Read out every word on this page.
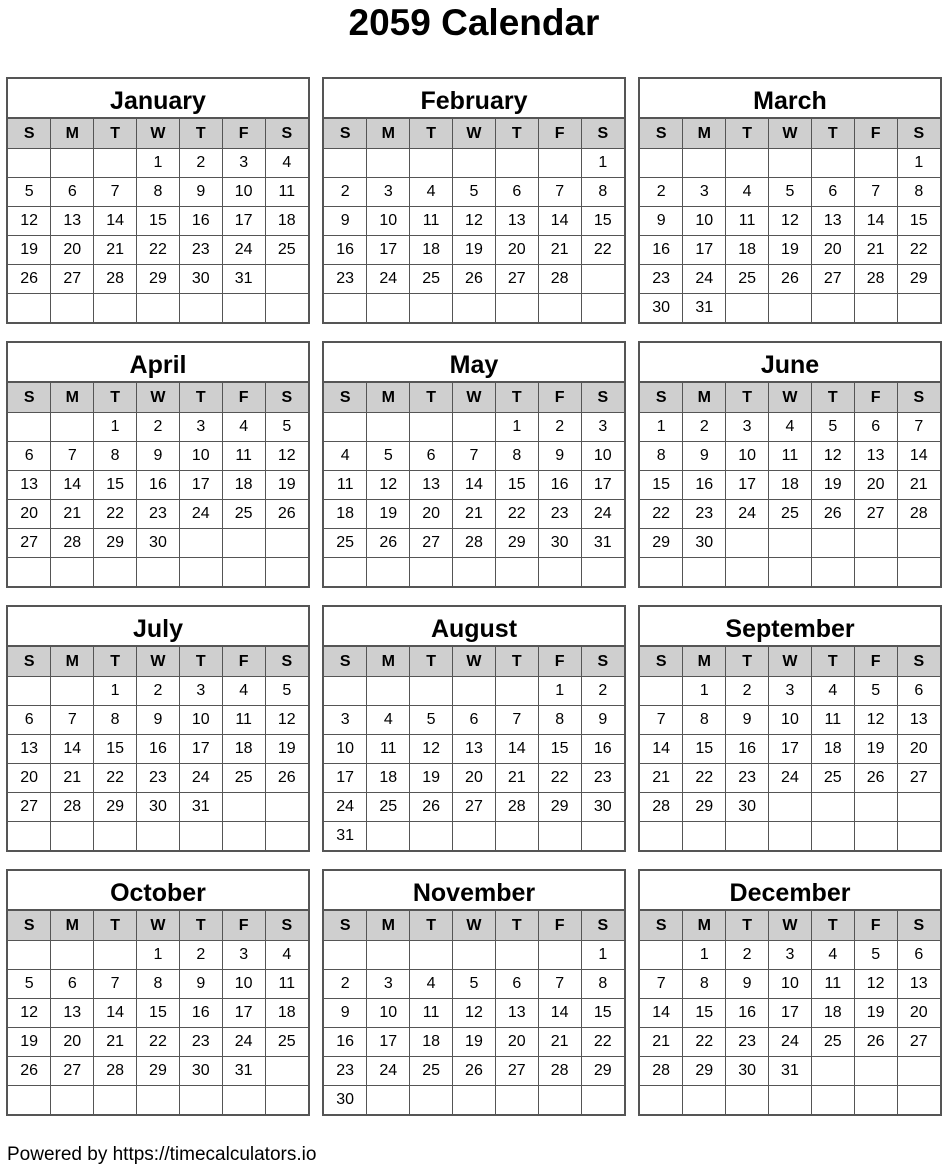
2059 Calendar
January
S	M	T	W	T	F	S
			1	2	3	4
5	6	7	8	9	10	11
12	13	14	15	16	17	18
19	20	21	22	23	24	25
26	27	28	29	30	31	

February
S	M	T	W	T	F	S
						1
2	3	4	5	6	7	8
9	10	11	12	13	14	15
16	17	18	19	20	21	22
23	24	25	26	27	28	

March
S	M	T	W	T	F	S
						1
2	3	4	5	6	7	8
9	10	11	12	13	14	15
16	17	18	19	20	21	22
23	24	25	26	27	28	29
30	31					
April
S	M	T	W	T	F	S
		1	2	3	4	5
6	7	8	9	10	11	12
13	14	15	16	17	18	19
20	21	22	23	24	25	26
27	28	29	30			

May
S	M	T	W	T	F	S
				1	2	3
4	5	6	7	8	9	10
11	12	13	14	15	16	17
18	19	20	21	22	23	24
25	26	27	28	29	30	31

June
S	M	T	W	T	F	S
1	2	3	4	5	6	7
8	9	10	11	12	13	14
15	16	17	18	19	20	21
22	23	24	25	26	27	28
29	30					

July
S	M	T	W	T	F	S
		1	2	3	4	5
6	7	8	9	10	11	12
13	14	15	16	17	18	19
20	21	22	23	24	25	26
27	28	29	30	31		

August
S	M	T	W	T	F	S
					1	2
3	4	5	6	7	8	9
10	11	12	13	14	15	16
17	18	19	20	21	22	23
24	25	26	27	28	29	30
31						
September
S	M	T	W	T	F	S
	1	2	3	4	5	6
7	8	9	10	11	12	13
14	15	16	17	18	19	20
21	22	23	24	25	26	27
28	29	30				

October
S	M	T	W	T	F	S
			1	2	3	4
5	6	7	8	9	10	11
12	13	14	15	16	17	18
19	20	21	22	23	24	25
26	27	28	29	30	31	

November
S	M	T	W	T	F	S
						1
2	3	4	5	6	7	8
9	10	11	12	13	14	15
16	17	18	19	20	21	22
23	24	25	26	27	28	29
30						
December
S	M	T	W	T	F	S
	1	2	3	4	5	6
7	8	9	10	11	12	13
14	15	16	17	18	19	20
21	22	23	24	25	26	27
28	29	30	31			

Powered by https://timecalculators.io
